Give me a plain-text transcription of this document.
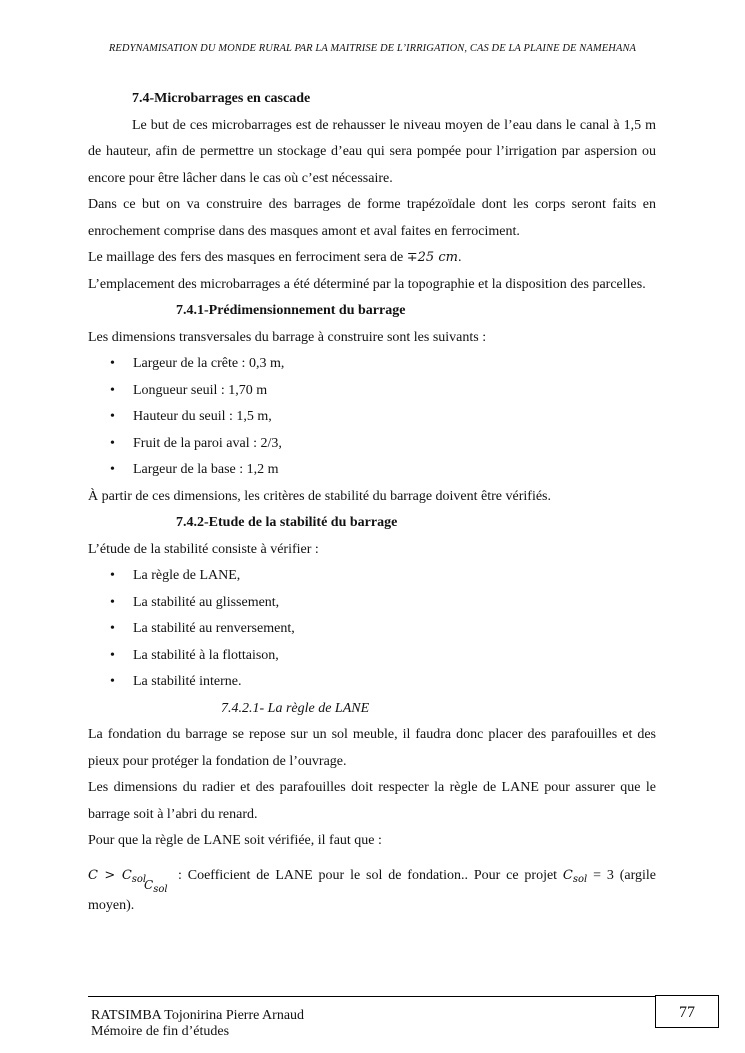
REDYNAMISATION DU MONDE RURAL PAR LA MAITRISE DE L’IRRIGATION, CAS DE LA PLAINE DE NAMEHANA

7.4-Microbarrages en cascade

Le but de ces microbarrages est de rehausser le niveau moyen de l’eau dans le canal à 1,5 m de hauteur, afin de permettre un stockage d’eau qui sera pompée pour l’irrigation par aspersion ou encore pour être lâcher dans le cas où c’est nécessaire.

Dans ce but on va construire des barrages de forme trapézoïdale dont les corps seront faits en enrochement comprise dans des masques amont et aval faites en ferrociment.

Le maillage des fers des masques en ferrociment sera de ∓25 cm.

L’emplacement des microbarrages a été déterminé par la topographie et la disposition des parcelles.

7.4.1-Prédimensionnement du barrage

Les dimensions transversales du barrage à construire sont les suivants :

• Largeur de la crête : 0,3 m,
• Longueur seuil : 1,70 m
• Hauteur du seuil : 1,5 m,
• Fruit de la paroi aval : 2/3,
• Largeur de la base : 1,2 m

À partir de ces dimensions, les critères de stabilité du barrage doivent être vérifiés.

7.4.2-Etude de la stabilité du barrage

L’étude de la stabilité consiste à vérifier :

• La règle de LANE,
• La stabilité au glissement,
• La stabilité au renversement,
• La stabilité à la flottaison,
• La stabilité interne.

7.4.2.1- La règle de LANE

La fondation du barrage se repose sur un sol meuble, il faudra donc placer des parafouilles et des pieux pour protéger la fondation de l’ouvrage.

Les dimensions du radier et des parafouilles doit respecter la règle de LANE pour assurer que le barrage soit à l’abri du renard.

Pour que la règle de LANE soit vérifiée, il faut que :

$C > C_{sol}$
$C_{sol}$
: Coefficient de LANE pour le sol de fondation.. Pour ce projet $C_{sol} = 3$ (argile moyen).
RATSIMBA Tojonirina Pierre Arnaud
Mémoire de fin d’études
77
